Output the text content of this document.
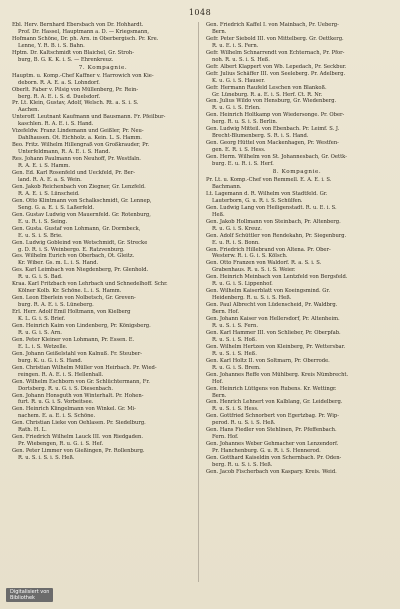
1048
Ebl. Herv. Bernhard Ebersbach von Dr. Hohhardt.
Prof. Dr. Hassel, Hauptmann a. D. — Kriegsmann,
Hofmann Schöne, Dr. ph. Arn. in Oberbergisch. Pr. Kre.
Lenne, Y. R. B. i. S. Bahn.
Hptm. Dr. Kaltschmidt von Blaichel, Gr. Stroh-
burg, B. G. K. K. i. S. — Ehrenkreuz.
7. Kompagnie.
Hauptm. u. Komp.-Chef Kaffner v. Harrowich von Kie-
deborn. R. A. E. a. S. Lohndorf.
Oberlt. Faber v. Pilsig von Müllenberg, Pr. Rein-
berg. R. A. E. i. S. d. Duelsdorf.
Pr. Lt. Klein, Gustav, Adolf, Welsch. Rt. a. S. i. S.
Aachen.
Unteroff. Leutnant Kaufmann und Bausmann. Fr. Pfeilbur-
kaschlen. R. A. E. i. S. Hand.
Vizefeldw. Franz Lindemann und Geißler, Pr. Neu-
Dahlhausen. Ot. Eichholz. a. Kein. L. S. Hamm.
Beo. Fritz. Wilhelm Hillengraß von Großkrauder, Pr.
Unterfeldmann, R. A. E. i. S. Hand.
Res. Johann Paulmann von Neuhoff, Pr. Westfaln.
R. A. E. i. S. Hamm.
Gen. Ed. Karl Rosenfeld und Ueckfeld, Pr. Ber-
land. R. A. E. a. S. Wein.
Gen. Jakob Reichenbach von Ziegner, Gr. Lenzfeld.
R. A. E. i. S. Lünscheid.
Gen. Otto Klintmann von Schalkschmidt, Gr. Lennep,
Seng. G. a. E. i. S. Laßerfeld.
Gen. Gustav Ludwig von Mauernfeld. Gr. Rotenburg,
E. u. R. i. S. Seing.
Gen. Gusta. Gustaf von Lohmann, Gr. Dormbeck,
E. u. S. i. S. Brie.
Gen. Ludwig Gobleind von Wetschmidt, Gr. Strecke
g. D. R. i. S. Weinbergo. E. Ratzvenburg.
Ges. Wilhelm Eurich von Oberbach, Ot. Gleitz.
Kr. Wiber. Gs. m. L. i. S. Hand.
Ges. Karl Leimbach von Niegdenberg, Pr. Glenhold.
R. u. G. i. S. Bad.
Kraa. Karl Fritzbach von Lehrbach und Schnedelhoff. Schr.
Kölner Kolb. Kr. Schöne. L. i. S. Hamm.
Gen. Leon Eberlein von Nolbetsch, Gr. Greven-
burg. R. A. E. i. S. Lüneberg.
Erl. Herr. Adolf Emil Holtmann, von Kielberg
K. L. G. i. S. Brief.
Gen. Heinrich Kaim von Lindenberg, Pr. Königsberg.
R. u. G. i. S. Arn.
Gen. Peter Kleiner von Lohmann, Pr. Essen. E.
E. L. i. S. Wetzelle.
Gen. Johann Geißelstahl von Kalnuß. Fr. Steuber-
burg. K. u. G. i. S. Hand.
Gen. Christian Wilhelm Müller von Heirbach. Pr. Wied-
reingen. R. A. E. i. S. Hellenhall.
Gen. Wilhelm Eschborn von Gr. Schlüchtermann, Fr.
Dortsberg. R. u. G. i. S. Diesenbach.
Gen. Johann Honsguth von Winterhalt. Pr. Hohen-
furt. R. u. G. i. S. Vorbeitsee.
Gen. Heinrich Klingelmann von Winkel. Gr. Mi-
nachem. E. a. E. i. S. Schöne.
Gen. Christian Lieke von Oehlasen. Pr. Siedelburg.
Rath. H. L.
Gen. Friedrich Wilhelm Lauck III. von Riedgaden.
Pr. Wiebengen, R. u. G. i. S. Hef.
Gen. Peter Limmer von Gießingen, Pr. Rollenburg.
R. u. S. i. S. i. S. Heß.
Gen. Friedrich Kaffel I. von Mainbach, Pr. Ueberg-
Bern.
Gefr. Peter Siebold III. von Mittelberg. Gr. Oettkerg.
R. u. E. i. S. Fern.
Gefr. Wilhelm Schnarrendt von Echternach, Pr. Pfor-
noh. R. u. S. i. S. Heß.
Gefr. Albert Klappert von Wb. Lepedach, Pr. Seckbur.
Gefr. Julius Schäffer III. von Seeleberg. Pr. Adelberg.
K. u. G. i. S. Hauser.
Gefr. Hermann Raufeld Leschen von Blankoß.
Gr. Lüneburg. R. a. E. i. S. Herf. Ct. R. Nr.
Gen. Julius Wildo von Hensburg, Gr. Wiedenberg.
R. u. G. i. S. Erlen.
Gen. Heinrich Holtkamp von Wiedersonge. Pr. Ober-
herg. R. u. S. i. S. Berlin.
Gen. Ludwig Mitteil. von Ebenbach. Pr. Leimf. S. J.
Brecht-Blumenberg. S. R. i. S. Hand.
Gen. Georg Hüttel von Mackenhagen, Pr. Westfen-
gen. E. R. i. S. Hess.
Gen. Herm. Wilhelm von St. Johannesbach, Gr. Oettk-
burg. E. u. R. i. S. Herf.
8. Kompagnie.
Pr. Lt. u. Komp.-Chef von Remmell. E. A. E. i. S.
Bachmann.
Lt. Lagemann d. R. Wilhelm von Stadtfeld. Gr.
Lauterborn, G. u. R. i. S. Schülfen.
Gen. Ludwig Lang von Heiligenstadt. R. u. E. i. S.
Heß.
Gen. Jakob Hollmann von Steinbach, Pr. Altenberg.
R. u. G. i. S. Kreuz.
Gen. Adolf Schüttler von Rendekahn, Pr. Siegenburg.
E. u. R. i. S. Bonn.
Gen. Friedrich Hillebrand von Altena. Pr. Ober-
Westerw. R. i. G. i. S. Kölsch.
Gen. Otto Franzen von Waldorf. R. a. S. i. S.
Grabenhaus. R. u. S. i. S. Weier.
Gen. Heinrich Meinbach von Lentzfeld von Bergsfeld.
R. u. G. i. S. Lippenhof.
Gen. Wilhelm Kaiserblatt von Koeingsmind. Gr.
Heidenberg. R. u. S. i. S. Heß.
Gen. Paul Albrecht von Lüdenscheid, Pr. Waldbrg.
Bern. Hof.
Gen. Johann Kaiser von Hellersdorf, Pr. Altenheim.
R. u. S. i. S. Fern.
Gen. Karl Hammer III. von Schlieber, Pr. Oberpfab.
R. u. S. i. S. Hoß.
Gen. Wilhelm Hertzen von Kleinberg, Pr. Wettersbar.
R. u. S. i. S. Heß.
Gen. Karl Holtz II. von Soltmarn, Pr. Oberrode.
R. u. G. i. S. Brem.
Gen. Johannes Reffe von Mühlberg. Kreis Nümbrecht.
Hof.
Gen. Heinrich Lüttgens von Rubens. Kr. Wettingr.
Bern.
Gen. Henrich Lehnert von Kalblang, Gr. Leidelberg.
R. u. S. i. S. Hess.
Gen. Gottfried Schnorbert von Egertzbag. Pr. Wip-
perod. R. u. S. i. S. Heß.
Gen. Hans Fiedler von Stehlinen, Pr. Pfeffenbach.
Fern. Hof.
Gen. Johannes Weber Gehmacher von Lenzendorf.
Pr. Hanchenburg. G. u. R. i. S. Hennerod.
Gen. Gotthard Kaiseldin von Schernbach. Pr. Oden-
berg. R. u. S. i. S. Heß.
Gen. Jacob Fischerbach von Kaspary. Kreis. Weid.
Digitalisiert von
Bibliothek
